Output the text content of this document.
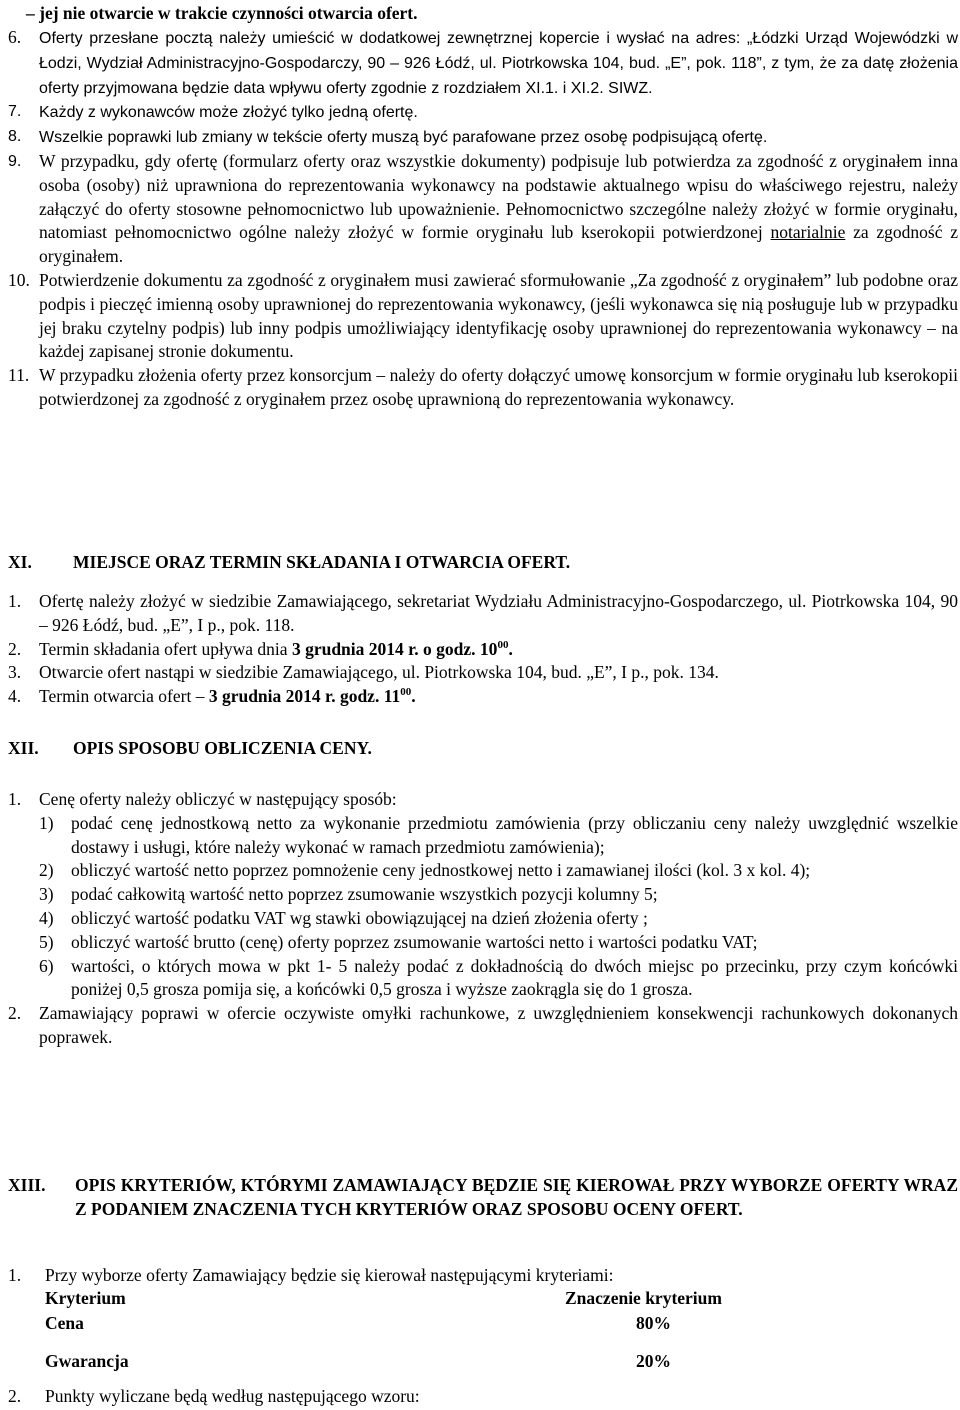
– jej nie otwarcie w trakcie czynności otwarcia ofert.
6. Oferty przesłane pocztą należy umieścić w dodatkowej zewnętrznej kopercie i wysłać na adres: „Łódzki Urząd Wojewódzki w Łodzi, Wydział Administracyjno-Gospodarczy, 90 – 926 Łódź, ul. Piotrkowska 104, bud. „E”, pok. 118”, z tym, że za datę złożenia oferty przyjmowana będzie data wpływu oferty zgodnie z rozdziałem XI.1. i XI.2. SIWZ.
7. Każdy z wykonawców może złożyć tylko jedną ofertę.
8. Wszelkie poprawki lub zmiany w tekście oferty muszą być parafowane przez osobę podpisującą ofertę.
9. W przypadku, gdy ofertę (formularz oferty oraz wszystkie dokumenty) podpisuje lub potwierdza za zgodność z oryginałem inna osoba (osoby) niż uprawniona do reprezentowania wykonawcy na podstawie aktualnego wpisu do właściwego rejestru, należy załączyć do oferty stosowne pełnomocnictwo lub upoważnienie. Pełnomocnictwo szczególne należy złożyć w formie oryginału, natomiast pełnomocnictwo ogólne należy złożyć w formie oryginału lub kserokopii potwierdzonej notarialnie za zgodność z oryginałem.
10. Potwierdzenie dokumentu za zgodność z oryginałem musi zawierać sformułowanie „Za zgodność z oryginałem” lub podobne oraz podpis i pieczęć imienną osoby uprawnionej do reprezentowania wykonawcy, (jeśli wykonawca się nią posługuje lub w przypadku jej braku czytelny podpis) lub inny podpis umożliwiający identyfikację osoby uprawnionej do reprezentowania wykonawcy – na każdej zapisanej stronie dokumentu.
11. W przypadku złożenia oferty przez konsorcjum – należy do oferty dołączyć umowę konsorcjum w formie oryginału lub kserokopii potwierdzonej za zgodność z oryginałem przez osobę uprawnioną do reprezentowania wykonawcy.
XI. MIEJSCE ORAZ TERMIN SKŁADANIA I OTWARCIA OFERT.
1. Ofertę należy złożyć w siedzibie Zamawiającego, sekretariat Wydziału Administracyjno-Gospodarczego, ul. Piotrkowska 104, 90 – 926 Łódź, bud. „E”, I p., pok. 118.
2. Termin składania ofert upływa dnia 3 grudnia 2014 r. o godz. $10^{00}$.
3. Otwarcie ofert nastąpi w siedzibie Zamawiającego, ul. Piotrkowska 104, bud. „E”, I p., pok. 134.
4. Termin otwarcia ofert – 3 grudnia 2014 r. godz. $11^{00}$.
XII. OPIS SPOSOBU OBLICZENIA CENY.
1. Cenę oferty należy obliczyć w następujący sposób:
1) podać cenę jednostkową netto za wykonanie przedmiotu zamówienia (przy obliczaniu ceny należy uwzględnić wszelkie dostawy i usługi, które należy wykonać w ramach przedmiotu zamówienia);
2) obliczyć wartość netto poprzez pomnożenie ceny jednostkowej netto i zamawianej ilości (kol. 3 x kol. 4);
3) podać całkowitą wartość netto poprzez zsumowanie wszystkich pozycji kolumny 5;
4) obliczyć wartość podatku VAT wg stawki obowiązującej na dzień złożenia oferty ;
5) obliczyć wartość brutto (cenę) oferty poprzez zsumowanie wartości netto i wartości podatku VAT;
6) wartości, o których mowa w pkt 1- 5 należy podać z dokładnością do dwóch miejsc po przecinku, przy czym końcówki poniżej 0,5 grosza pomija się, a końcówki 0,5 grosza i wyższe zaokrągla się do 1 grosza.
2. Zamawiający poprawi w ofercie oczywiste omyłki rachunkowe, z uwzględnieniem konsekwencji rachunkowych dokonanych poprawek.
XIII.	OPIS KRYTERIÓW, KTÓRYMI ZAMAWIAJĄCY BĘDZIE SIĘ KIEROWAŁ PRZY WYBORZE OFERTY WRAZ Z PODANIEM ZNACZENIA TYCH KRYTERIÓW ORAZ SPOSOBU OCENY OFERT.
1. Przy wyborze oferty Zamawiający będzie się kierował następującymi kryteriami:
Kryterium	Znaczenie kryterium
Cena	80%
Gwarancja	20%
2. Punkty wyliczane będą według następującego wzoru:
